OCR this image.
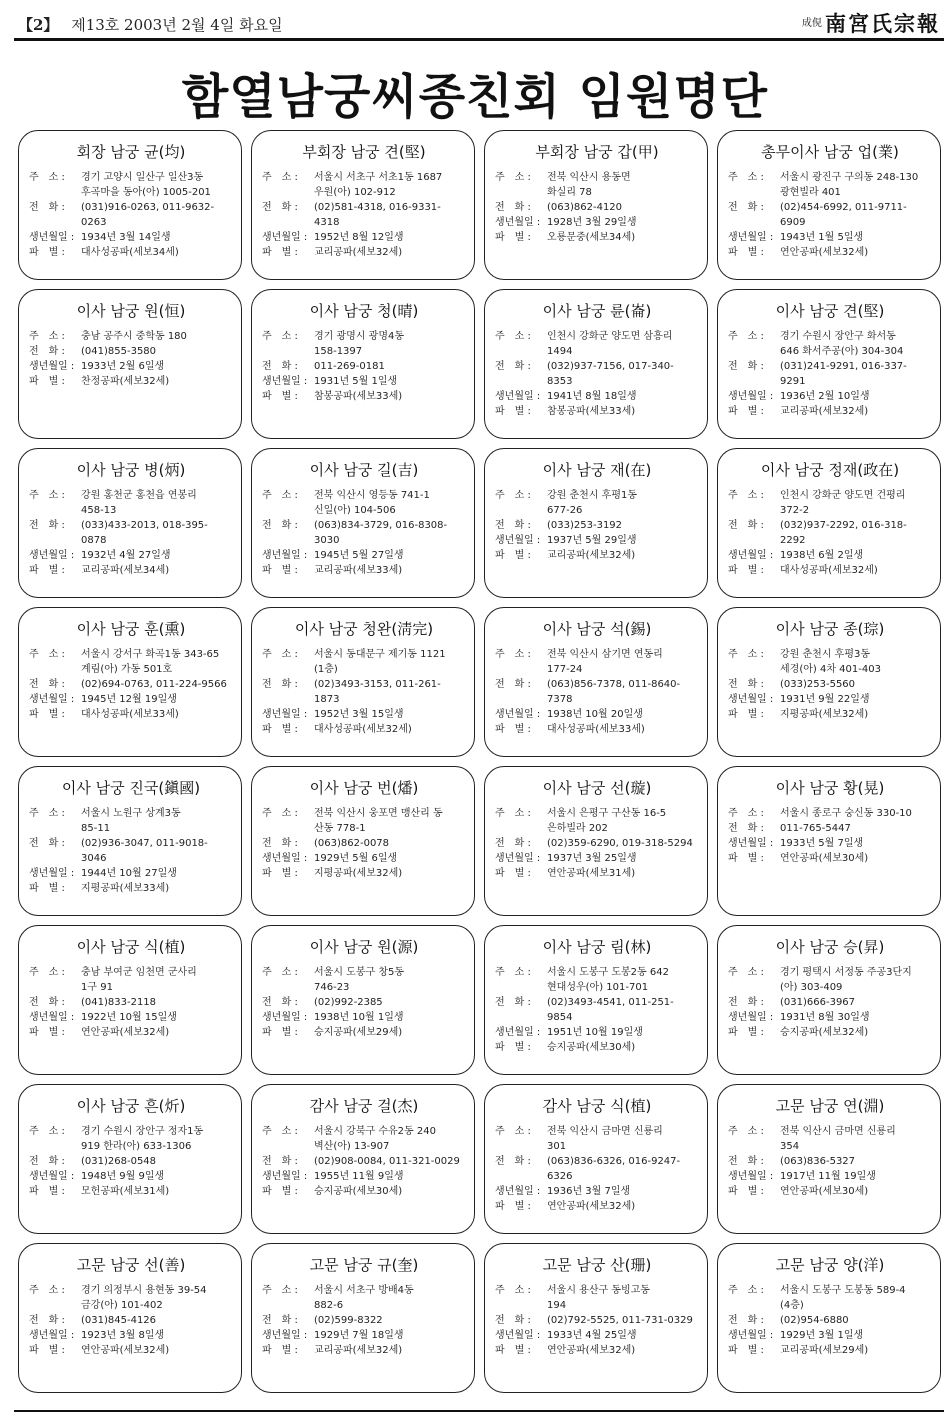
【2】 제13호 2003년 2월 4일 화요일	成俔 南宮氏宗報
함열남궁씨종친회 임원명단
회장 남궁 균(均)
주　소 :	경기 고양시 일산구 일산3동
후곡마을 동아(아) 1005-201
전　화 :	(031)916-0263, 011-9632-0263
생년월일 : 1934년 3월 14일생
파　별 :	대사성공파(세보34세)
부회장 남궁 견(堅)
주　소 :	서울시 서초구 서초1동 1687
우원(아) 102-912
전　화 :	(02)581-4318, 016-9331-4318
생년월일 : 1952년 8월 12일생
파　별 :	교리공파(세보32세)
부회장 남궁 갑(甲)
주　소 :	전북 익산시 용동면
화실리 78
전　화 :	(063)862-4120
생년월일 : 1928년 3월 29일생
파　별 :	오룡문중(세보34세)
총무이사 남궁 업(業)
주　소 :	서울시 광진구 구의동 248-130
광현빌라 401
전　화 :	(02)454-6992, 011-9711-6909
생년월일 : 1943년 1월 5일생
파　별 :	연안공파(세보32세)
이사 남궁 원(恒)
주　소 :	충남 공주시 중학동 180
전　화 :	(041)855-3580
생년월일 : 1933년 2월 6일생
파　별 :	찬정공파(세보32세)
이사 남궁 청(晴)
주　소 :	경기 광명시 광명4동
158-1397
전　화 :	011-269-0181
생년월일 : 1931년 5월 1일생
파　별 :	참봉공파(세보33세)
이사 남궁 륜(崙)
주　소 :	인천시 강화군 양도면 삼흥리
1494
전　화 :	(032)937-7156, 017-340-8353
생년월일 : 1941년 8월 18일생
파　별 :	참봉공파(세보33세)
이사 남궁 견(堅)
주　소 :	경기 수원시 장안구 화서동
646 화서주공(아) 304-304
전　화 :	(031)241-9291, 016-337-9291
생년월일 : 1936년 2월 10일생
파　별 :	교리공파(세보32세)
이사 남궁 병(炳)
주　소 :	강원 홍천군 홍천읍 연봉리
458-13
전　화 :	(033)433-2013, 018-395-0878
생년월일 : 1932년 4월 27일생
파　별 :	교리공파(세보34세)
이사 남궁 길(吉)
주　소 :	전북 익산시 영등동 741-1
신일(아) 104-506
전　화 :	(063)834-3729, 016-8308-3030
생년월일 : 1945년 5월 27일생
파　별 :	교리공파(세보33세)
이사 남궁 재(在)
주　소 :	강원 춘천시 후평1동
677-26
전　화 :	(033)253-3192
생년월일 : 1937년 5월 29일생
파　별 :	교리공파(세보32세)
이사 남궁 정재(政在)
주　소 :	인천시 강화군 양도면 건평리
372-2
전　화 :	(032)937-2292, 016-318-2292
생년월일 : 1938년 6월 2일생
파　별 :	대사성공파(세보32세)
이사 남궁 훈(熏)
주　소 :	서울시 강서구 화곡1동 343-65
계림(아) 가동 501호
전　화 :	(02)694-0763, 011-224-9566
생년월일 : 1945년 12월 19일생
파　별 :	대사성공파(세보33세)
이사 남궁 청완(淸完)
주　소 :	서울시 동대문구 제기동 1121
(1층)
전　화 :	(02)3493-3153, 011-261-1873
생년월일 : 1952년 3월 15일생
파　별 :	대사성공파(세보32세)
이사 남궁 석(錫)
주　소 :	전북 익산시 삼기면 연동리
177-24
전　화 :	(063)856-7378, 011-8640-7378
생년월일 : 1938년 10월 20일생
파　별 :	대사성공파(세보33세)
이사 남궁 종(琮)
주　소 :	강원 춘천시 후평3동
세경(아) 4차 401-403
전　화 :	(033)253-5560
생년월일 : 1931년 9월 22일생
파　별 :	지평공파(세보32세)
이사 남궁 진국(鎭國)
주　소 :	서울시 노원구 상계3동
85-11
전　화 :	(02)936-3047, 011-9018-3046
생년월일 : 1944년 10월 27일생
파　별 :	지평공파(세보33세)
이사 남궁 번(燔)
주　소 :	전북 익산시 웅포면 맹산리 동
산동 778-1
전　화 :	(063)862-0078
생년월일 : 1929년 5월 6일생
파　별 :	지평공파(세보32세)
이사 남궁 선(璇)
주　소 :	서울시 은평구 구산동 16-5
은하빌라 202
전　화 :	(02)359-6290, 019-318-5294
생년월일 : 1937년 3월 25일생
파　별 :	연안공파(세보31세)
이사 남궁 황(晃)
주　소 :	서울시 종로구 숭신동 330-10
전　화 :	011-765-5447
생년월일 : 1933년 5월 7일생
파　별 :	연안공파(세보30세)
이사 남궁 식(植)
주　소 :	충남 부여군 임천면 군사리
1구 91
전　화 :	(041)833-2118
생년월일 : 1922년 10월 15일생
파　별 :	연안공파(세보32세)
이사 남궁 원(源)
주　소 :	서울시 도봉구 창5동
746-23
전　화 :	(02)992-2385
생년월일 : 1938년 10월 1일생
파　별 :	승지공파(세보29세)
이사 남궁 림(林)
주　소 :	서울시 도봉구 도봉2동 642
현대성우(아) 101-701
전　화 :	(02)3493-4541, 011-251-9854
생년월일 : 1951년 10월 19일생
파　별 :	승지공파(세보30세)
이사 남궁 승(昇)
주　소 :	경기 평택시 서정동 주공3단지
(아) 303-409
전　화 :	(031)666-3967
생년월일 : 1931년 8월 30일생
파　별 :	승지공파(세보32세)
이사 남궁 흔(炘)
주　소 :	경기 수원시 장안구 정자1동
919 한라(아) 633-1306
전　화 :	(031)268-0548
생년월일 : 1948년 9월 9일생
파　별 :	모헌공파(세보31세)
감사 남궁 걸(杰)
주　소 :	서울시 강북구 수유2동 240
벽산(아) 13-907
전　화 :	(02)908-0084, 011-321-0029
생년월일 : 1955년 11월 9일생
파　별 :	승지공파(세보30세)
감사 남궁 식(植)
주　소 :	전북 익산시 금마면 신룡리
301
전　화 :	(063)836-6326, 016-9247-6326
생년월일 : 1936년 3월 7일생
파　별 :	연안공파(세보32세)
고문 남궁 연(淵)
주　소 :	전북 익산시 금마면 신룡리
354
전　화 :	(063)836-5327
생년월일 : 1917년 11월 19일생
파　별 :	연안공파(세보30세)
고문 남궁 선(善)
주　소 :	경기 의정부시 용현동 39-54
금강(아) 101-402
전　화 :	(031)845-4126
생년월일 : 1923년 3월 8일생
파　별 :	연안공파(세보32세)
고문 남궁 규(奎)
주　소 :	서울시 서초구 방배4동
882-6
전　화 :	(02)599-8322
생년월일 : 1929년 7월 18일생
파　별 :	교리공파(세보32세)
고문 남궁 산(珊)
주　소 :	서울시 용산구 동빙고동
194
전　화 :	(02)792-5525, 011-731-0329
생년월일 : 1933년 4월 25일생
파　별 :	연안공파(세보32세)
고문 남궁 양(洋)
주　소 :	서울시 도봉구 도봉동 589-4
(4층)
전　화 :	(02)954-6880
생년월일 : 1929년 3월 1일생
파　별 :	교리공파(세보29세)
